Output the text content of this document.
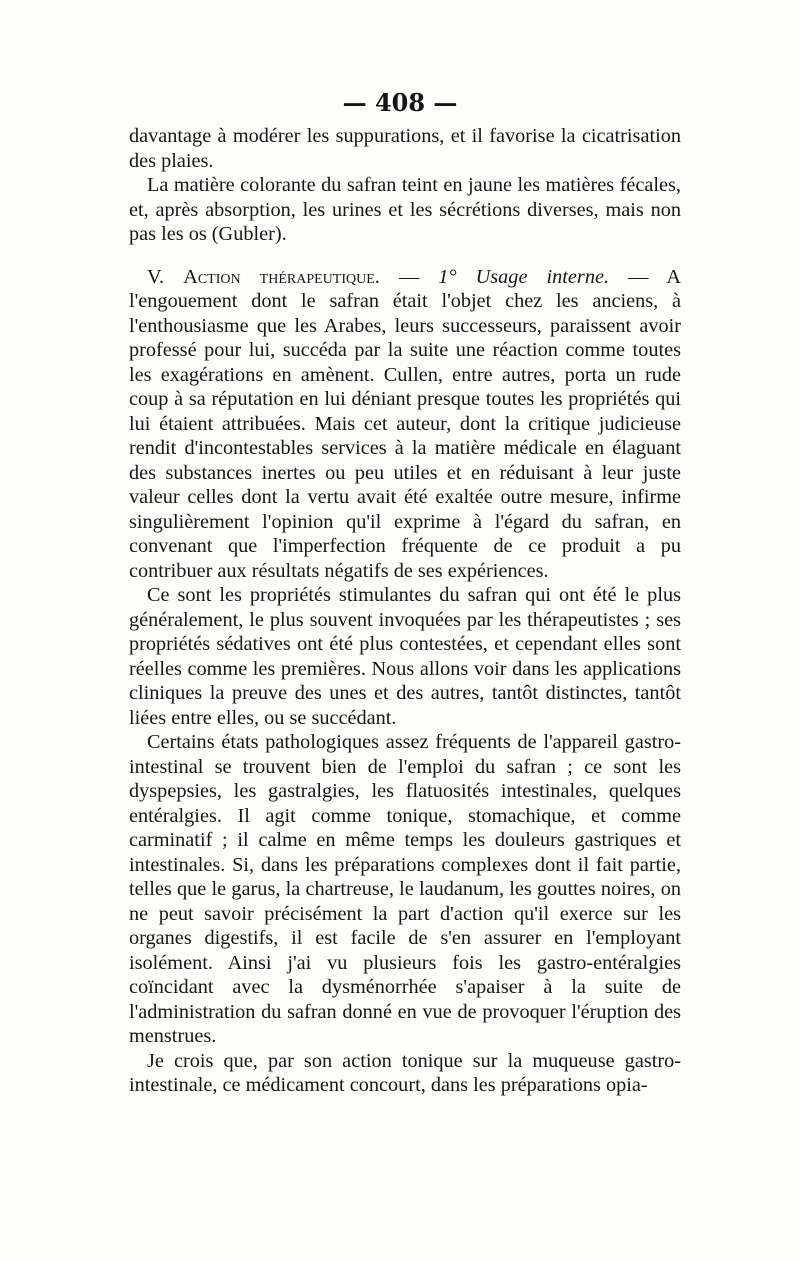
— 408 —

davantage à modérer les suppurations, et il favorise la cicatrisation des plaies.

La matière colorante du safran teint en jaune les matières fécales, et, après absorption, les urines et les sécrétions diverses, mais non pas les os (Gubler).

V. Action thérapeutique. — 1° Usage interne. — A l'engouement dont le safran était l'objet chez les anciens, à l'enthousiasme que les Arabes, leurs successeurs, paraissent avoir professé pour lui, succéda par la suite une réaction comme toutes les exagérations en amènent. Cullen, entre autres, porta un rude coup à sa réputation en lui déniant presque toutes les propriétés qui lui étaient attribuées. Mais cet auteur, dont la critique judicieuse rendit d'incontestables services à la matière médicale en élaguant des substances inertes ou peu utiles et en réduisant à leur juste valeur celles dont la vertu avait été exaltée outre mesure, infirme singulièrement l'opinion qu'il exprime à l'égard du safran, en convenant que l'imperfection fréquente de ce produit a pu contribuer aux résultats négatifs de ses expériences.

Ce sont les propriétés stimulantes du safran qui ont été le plus généralement, le plus souvent invoquées par les thérapeutistes ; ses propriétés sédatives ont été plus contestées, et cependant elles sont réelles comme les premières. Nous allons voir dans les applications cliniques la preuve des unes et des autres, tantôt distinctes, tantôt liées entre elles, ou se succédant.

Certains états pathologiques assez fréquents de l'appareil gastro-intestinal se trouvent bien de l'emploi du safran ; ce sont les dyspepsies, les gastralgies, les flatuosités intestinales, quelques entéralgies. Il agit comme tonique, stomachique, et comme carminatif ; il calme en même temps les douleurs gastriques et intestinales. Si, dans les préparations complexes dont il fait partie, telles que le garus, la chartreuse, le laudanum, les gouttes noires, on ne peut savoir précisément la part d'action qu'il exerce sur les organes digestifs, il est facile de s'en assurer en l'employant isolément. Ainsi j'ai vu plusieurs fois les gastro-entéralgies coïncidant avec la dysménorrhée s'apaiser à la suite de l'administration du safran donné en vue de provoquer l'éruption des menstrues.

Je crois que, par son action tonique sur la muqueuse gastro-intestinale, ce médicament concourt, dans les préparations opia-
